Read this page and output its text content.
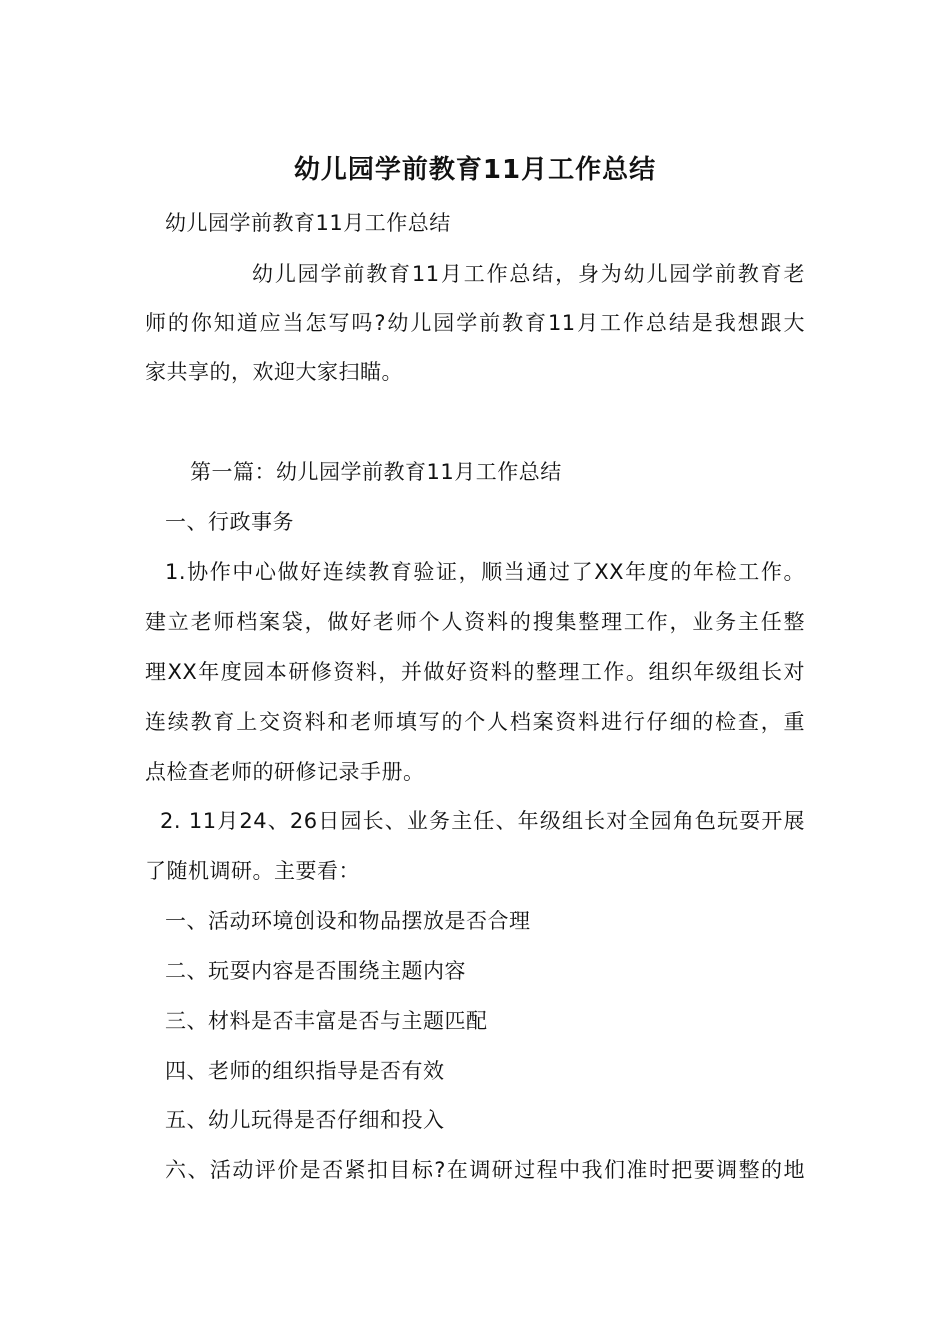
幼儿园学前教育11月工作总结
幼儿园学前教育11月工作总结
幼儿园学前教育11月工作总结，身为幼儿园学前教育老
师的你知道应当怎写吗?幼儿园学前教育11月工作总结是我想跟大
家共享的，欢迎大家扫瞄。
第一篇：幼儿园学前教育11月工作总结
一、行政事务
1.协作中心做好连续教育验证，顺当通过了XX年度的年检工作。
建立老师档案袋，做好老师个人资料的搜集整理工作，业务主任整
理XX年度园本研修资料，并做好资料的整理工作。组织年级组长对
连续教育上交资料和老师填写的个人档案资料进行仔细的检查，重
点检查老师的研修记录手册。
2. 11月24、26日园长、业务主任、年级组长对全园角色玩耍开展
了随机调研。主要看：
一、活动环境创设和物品摆放是否合理
二、玩耍内容是否围绕主题内容
三、材料是否丰富是否与主题匹配
四、老师的组织指导是否有效
五、幼儿玩得是否仔细和投入
六、活动评价是否紧扣目标?在调研过程中我们准时把要调整的地
